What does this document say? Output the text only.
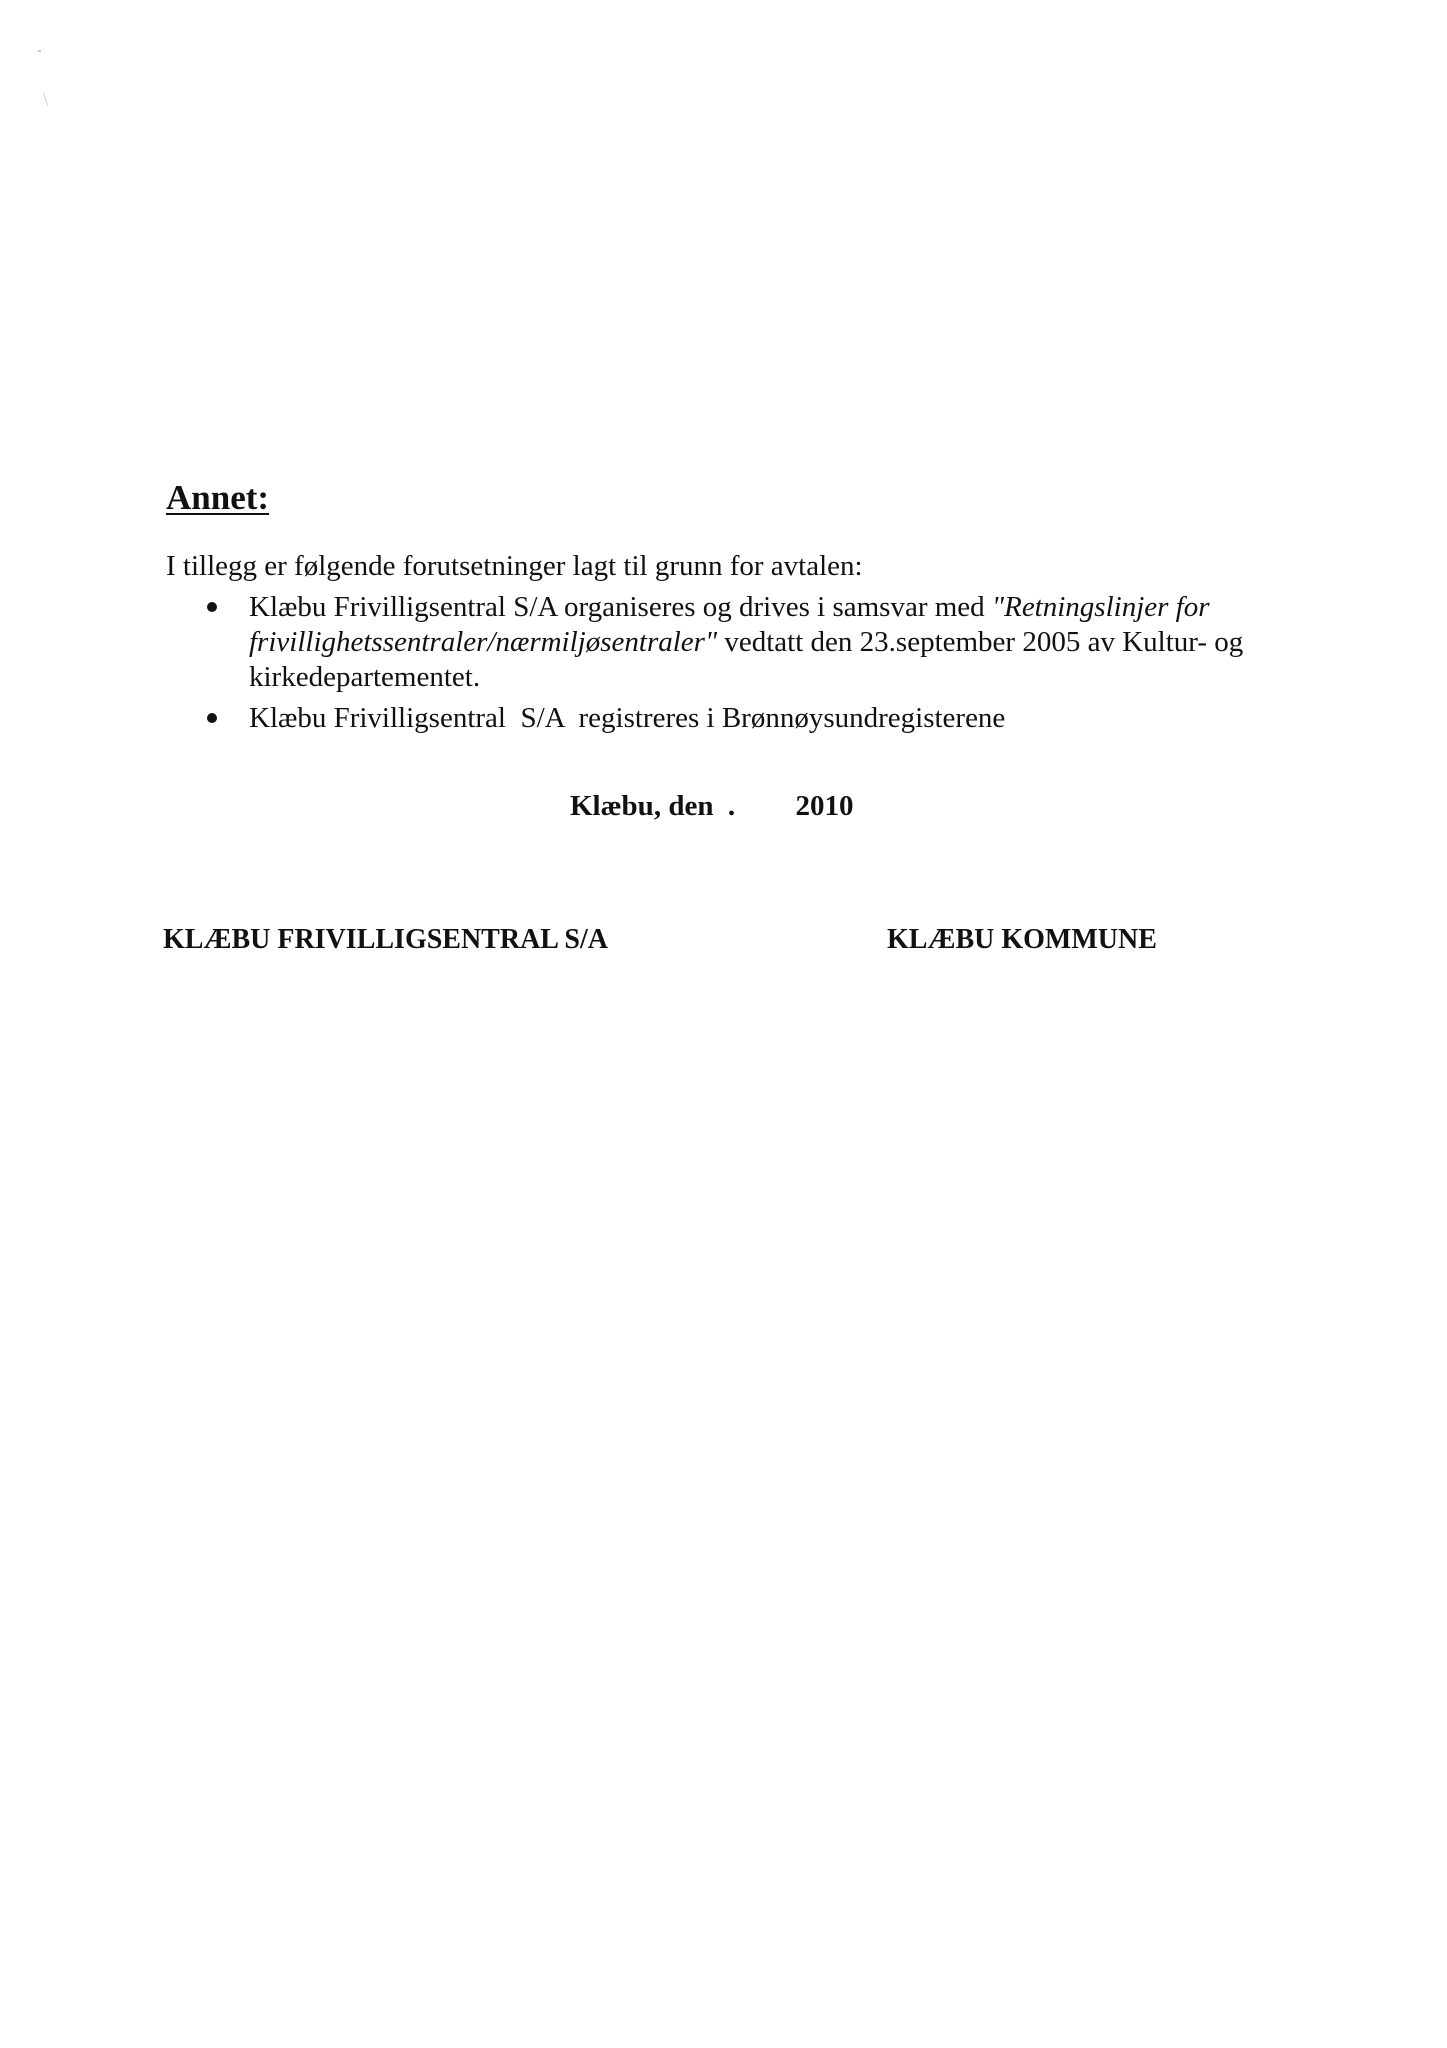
Annet:
I tillegg er følgende forutsetninger lagt til grunn for avtalen:
Klæbu Frivilligsentral S/A organiseres og drives i samsvar med "Retningslinjer for frivillighetssentraler/nærmiljøsentraler" vedtatt den 23.september 2005 av Kultur- og kirkedepartementet.
Klæbu Frivilligsentral  S/A  registreres i Brønnøysundregisterene
Klæbu, den . 2010
KLÆBU FRIVILLIGSENTRAL S/A	KLÆBU KOMMUNE
